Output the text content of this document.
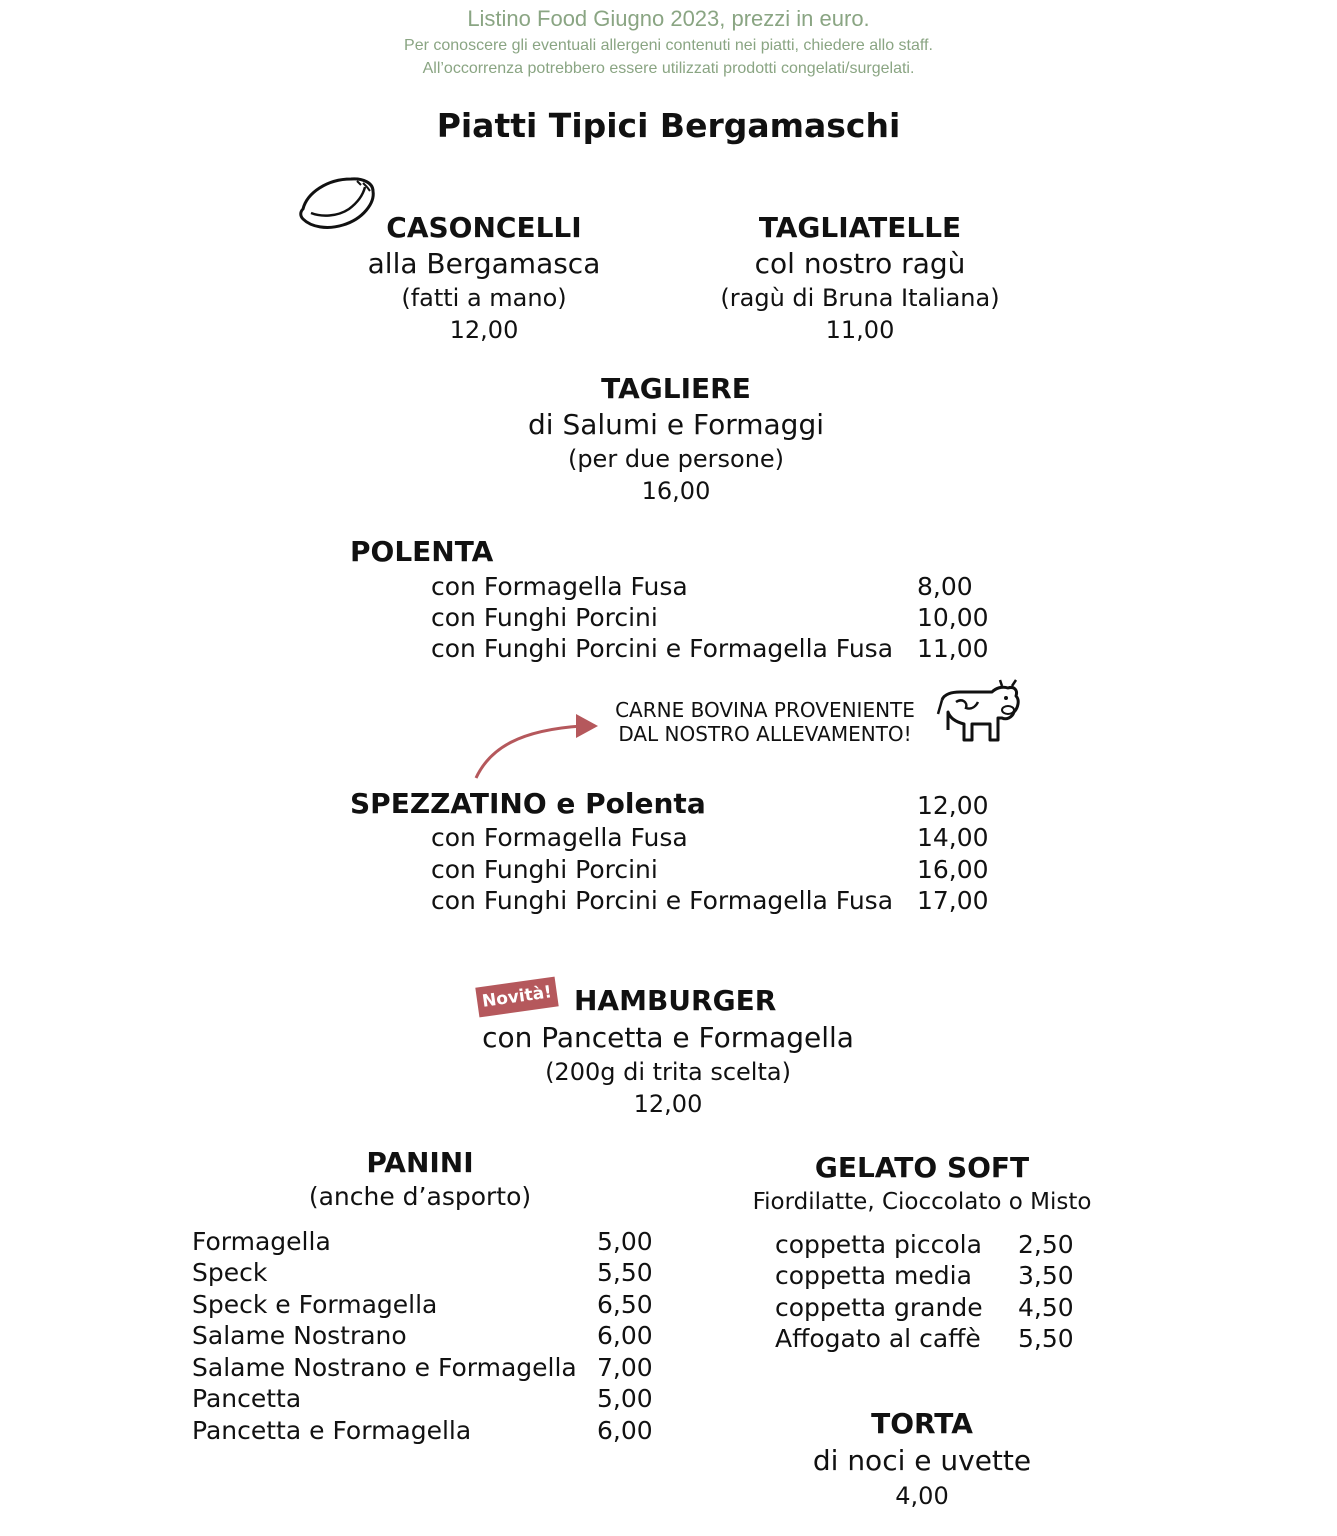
Listino Food Giugno 2023, prezzi in euro.
Per conoscere gli eventuali allergeni contenuti nei piatti, chiedere allo staff.
All’occorrenza potrebbero essere utilizzati prodotti congelati/surgelati.
Piatti Tipici Bergamaschi
CASONCELLI
alla Bergamasca
(fatti a mano)
12,00
TAGLIATELLE
col nostro ragù
(ragù di Bruna Italiana)
11,00
TAGLIERE
di Salumi e Formaggi
(per due persone)
16,00
POLENTA
con Formagella Fusa	8,00
con Funghi Porcini	10,00
con Funghi Porcini e Formagella Fusa 11,00
CARNE BOVINA PROVENIENTE
DAL NOSTRO ALLEVAMENTO!
SPEZZATINO e Polenta	12,00
con Formagella Fusa	14,00
con Funghi Porcini	16,00
con Funghi Porcini e Formagella Fusa 17,00
Novità! HAMBURGER
con Pancetta e Formagella
(200g di trita scelta)
12,00
PANINI
(anche d’asporto)
Formagella	5,00
Speck	5,50
Speck e Formagella	6,50
Salame Nostrano	6,00
Salame Nostrano e Formagella 7,00
Pancetta	5,00
Pancetta e Formagella	6,00
GELATO SOFT
Fiordilatte, Cioccolato o Misto
coppetta piccola 2,50
coppetta media 3,50
coppetta grande 4,50
Affogato al caffè 5,50
TORTA
di noci e uvette
4,00
